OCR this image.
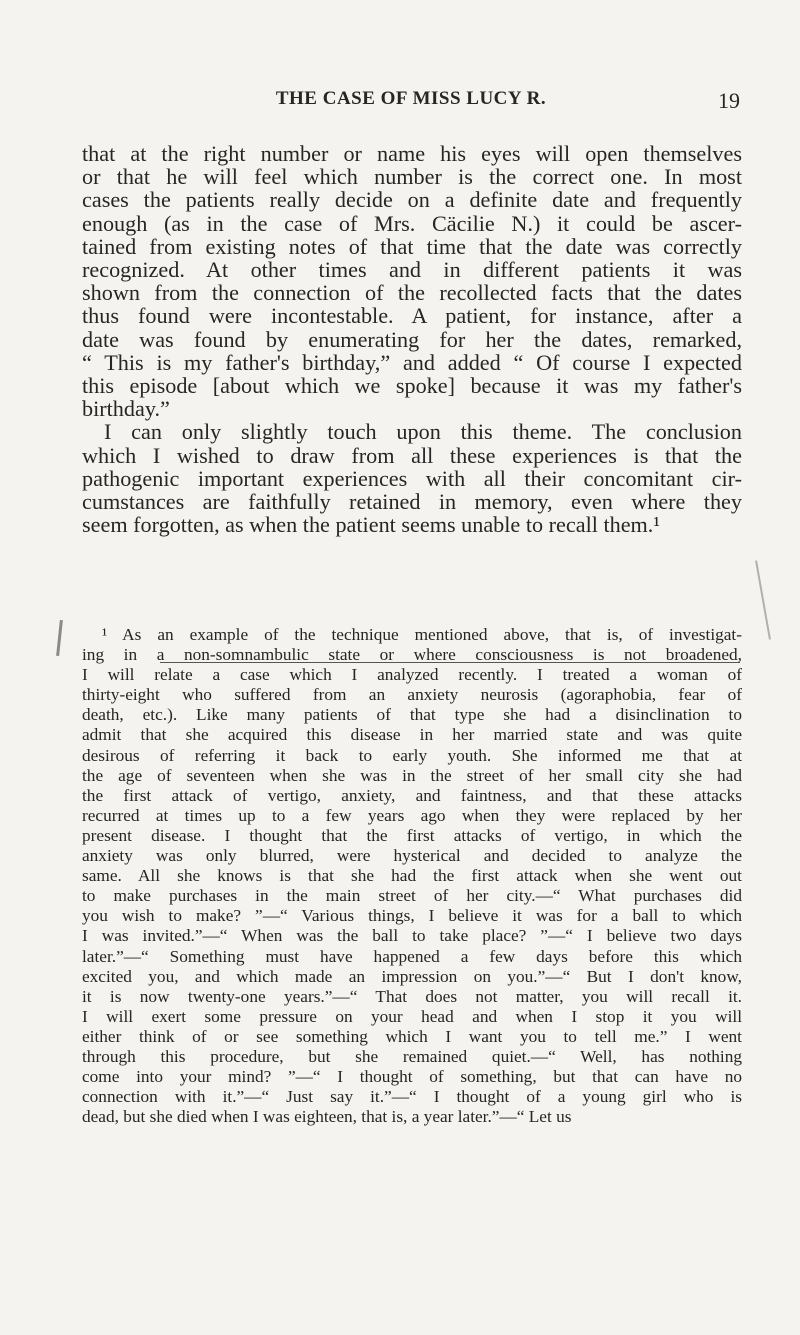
THE CASE OF MISS LUCY R.	19
that at the right number or name his eyes will open themselves
or that he will feel which number is the correct one. In most
cases the patients really decide on a definite date and frequently
enough (as in the case of Mrs. Cäcilie N.) it could be ascer-
tained from existing notes of that time that the date was correctly
recognized. At other times and in different patients it was
shown from the connection of the recollected facts that the dates
thus found were incontestable. A patient, for instance, after a
date was found by enumerating for her the dates, remarked,
“ This is my father's birthday,” and added “ Of course I expected
this episode [about which we spoke] because it was my father's
birthday.”
I can only slightly touch upon this theme. The conclusion
which I wished to draw from all these experiences is that the
pathogenic important experiences with all their concomitant cir-
cumstances are faithfully retained in memory, even where they
seem forgotten, as when the patient seems unable to recall them.¹
¹ As an example of the technique mentioned above, that is, of investigat-
ing in a non-somnambulic state or where consciousness is not broadened,
I will relate a case which I analyzed recently. I treated a woman of
thirty-eight who suffered from an anxiety neurosis (agoraphobia, fear of
death, etc.). Like many patients of that type she had a disinclination to
admit that she acquired this disease in her married state and was quite
desirous of referring it back to early youth. She informed me that at
the age of seventeen when she was in the street of her small city she had
the first attack of vertigo, anxiety, and faintness, and that these attacks
recurred at times up to a few years ago when they were replaced by her
present disease. I thought that the first attacks of vertigo, in which the
anxiety was only blurred, were hysterical and decided to analyze the
same. All she knows is that she had the first attack when she went out
to make purchases in the main street of her city.—“ What purchases did
you wish to make? ”—“ Various things, I believe it was for a ball to which
I was invited.”—“ When was the ball to take place? ”—“ I believe two days
later.”—“ Something must have happened a few days before this which
excited you, and which made an impression on you.”—“ But I don't know,
it is now twenty-one years.”—“ That does not matter, you will recall it.
I will exert some pressure on your head and when I stop it you will
either think of or see something which I want you to tell me.” I went
through this procedure, but she remained quiet.—“ Well, has nothing
come into your mind? ”—“ I thought of something, but that can have no
connection with it.”—“ Just say it.”—“ I thought of a young girl who is
dead, but she died when I was eighteen, that is, a year later.”—“ Let us
